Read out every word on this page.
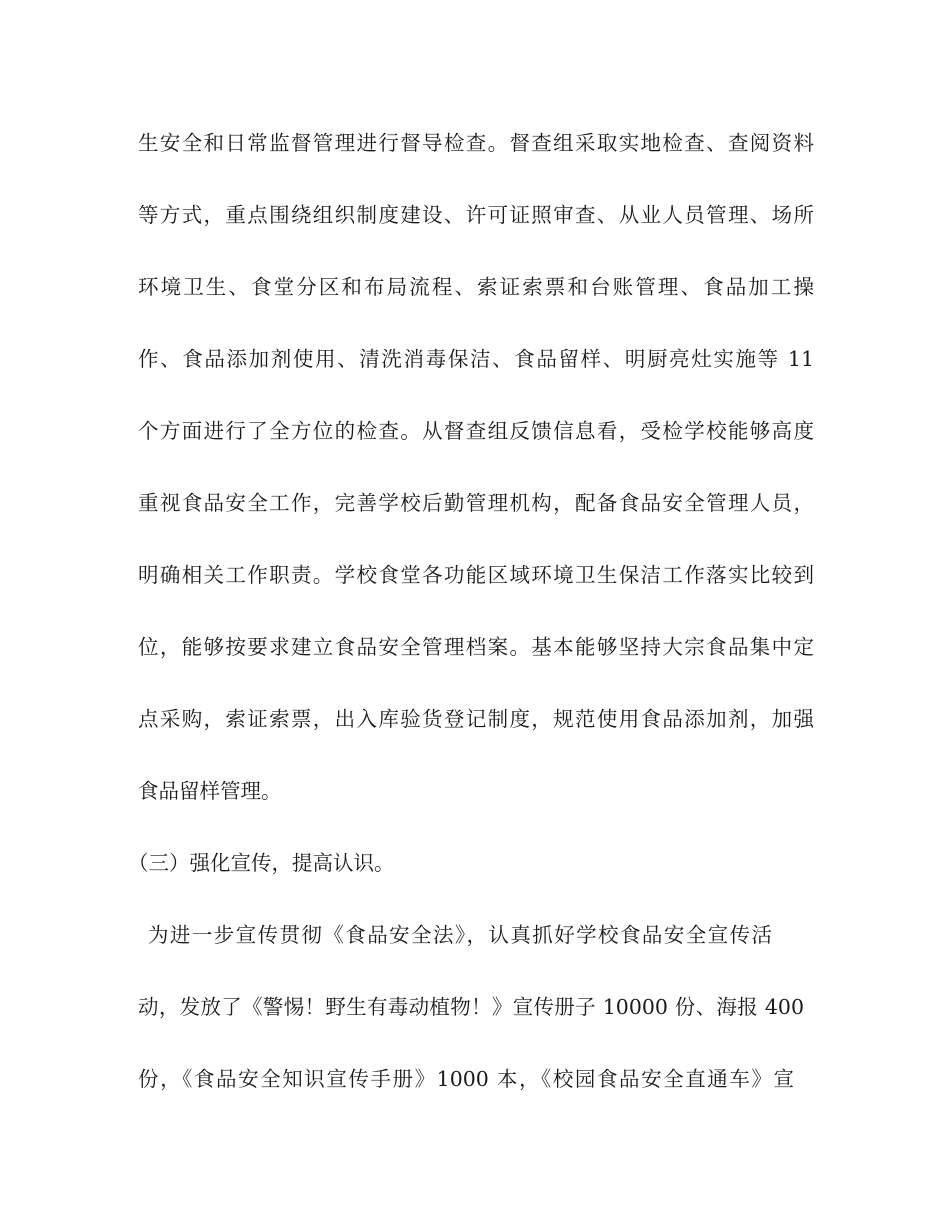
生安全和日常监督管理进行督导检查。督查组采取实地检查、查阅资料
等方式，重点围绕组织制度建设、许可证照审查、从业人员管理、场所
环境卫生、食堂分区和布局流程、索证索票和台账管理、食品加工操
作、食品添加剂使用、清洗消毒保洁、食品留样、明厨亮灶实施等 11
个方面进行了全方位的检查。从督查组反馈信息看，受检学校能够高度
重视食品安全工作，完善学校后勤管理机构，配备食品安全管理人员，
明确相关工作职责。学校食堂各功能区域环境卫生保洁工作落实比较到
位，能够按要求建立食品安全管理档案。基本能够坚持大宗食品集中定
点采购，索证索票，出入库验货登记制度，规范使用食品添加剂，加强
食品留样管理。
（三）强化宣传，提高认识。
为进一步宣传贯彻《食品安全法》，认真抓好学校食品安全宣传活
动，发放了《警惕！野生有毒动植物！》宣传册子 10000 份、海报 400
份，《食品安全知识宣传手册》1000 本，《校园食品安全直通车》宣
